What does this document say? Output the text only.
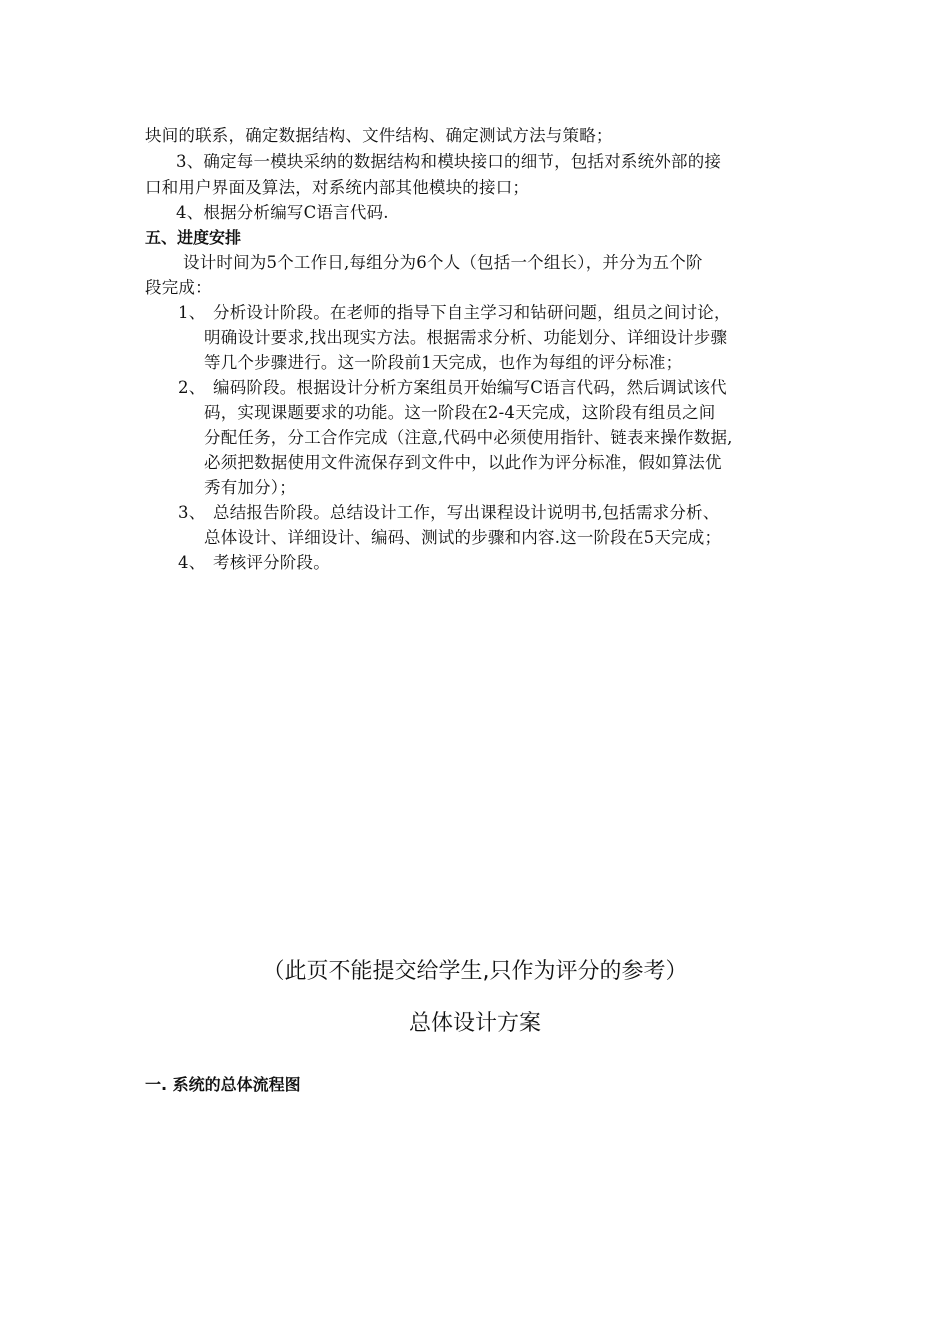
块间的联系，确定数据结构、文件结构、确定测试方法与策略；
3、确定每一模块采纳的数据结构和模块接口的细节，包括对系统外部的接
口和用户界面及算法，对系统内部其他模块的接口；
4、根据分析编写C语言代码.
五、进度安排
设计时间为5个工作日,每组分为6个人（包括一个组长），并分为五个阶
段完成：
1、 分析设计阶段。在老师的指导下自主学习和钻研问题，组员之间讨论，
明确设计要求,找出现实方法。根据需求分析、功能划分、详细设计步骤
等几个步骤进行。这一阶段前1天完成，也作为每组的评分标准；
2、 编码阶段。根据设计分析方案组员开始编写C语言代码，然后调试该代
码，实现课题要求的功能。这一阶段在2-4天完成，这阶段有组员之间
分配任务，分工合作完成（注意,代码中必须使用指针、链表来操作数据,
必须把数据使用文件流保存到文件中，以此作为评分标准，假如算法优
秀有加分）；
3、 总结报告阶段。总结设计工作，写出课程设计说明书,包括需求分析、
总体设计、详细设计、编码、测试的步骤和内容.这一阶段在5天完成；
4、 考核评分阶段。
（此页不能提交给学生,只作为评分的参考）
总体设计方案
一. 系统的总体流程图
